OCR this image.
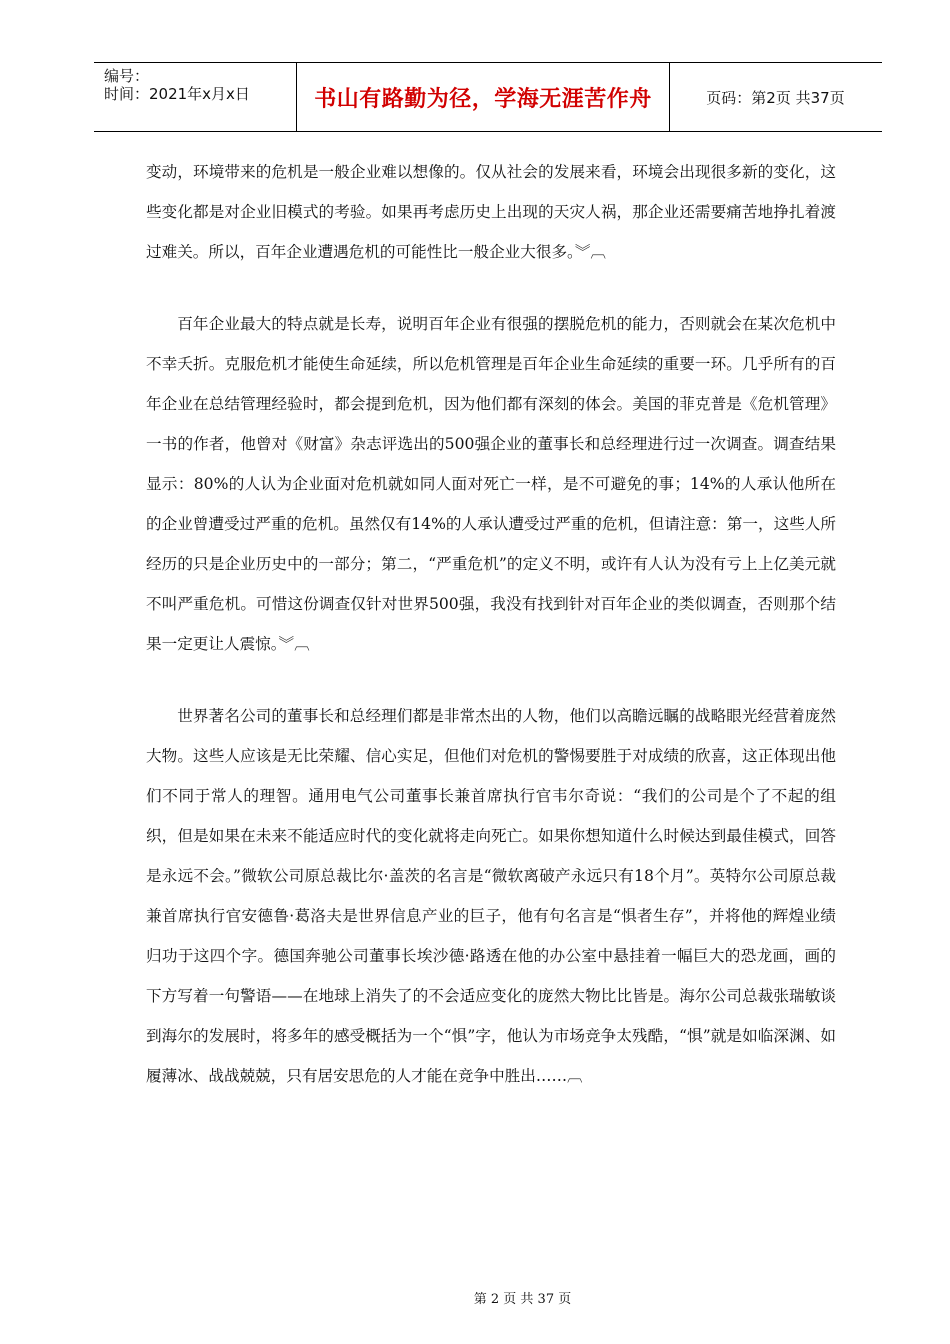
编号：
时间：2021年x月x日	书山有路勤为径，学海无涯苦作舟	页码：第2页 共37页

变动，环境带来的危机是一般企业难以想像的。仅从社会的发展来看，环境会出现很多新的变化，这些变化都是对企业旧模式的考验。如果再考虑历史上出现的天灾人祸，那企业还需要痛苦地挣扎着渡过难关。所以，百年企业遭遇危机的可能性比一般企业大很多。︾︹

百年企业最大的特点就是长寿，说明百年企业有很强的摆脱危机的能力，否则就会在某次危机中不幸夭折。克服危机才能使生命延续，所以危机管理是百年企业生命延续的重要一环。几乎所有的百年企业在总结管理经验时，都会提到危机，因为他们都有深刻的体会。美国的菲克普是《危机管理》一书的作者，他曾对《财富》杂志评选出的500强企业的董事长和总经理进行过一次调查。调查结果显示：80%的人认为企业面对危机就如同人面对死亡一样，是不可避免的事；14%的人承认他所在的企业曾遭受过严重的危机。虽然仅有14%的人承认遭受过严重的危机，但请注意：第一，这些人所经历的只是企业历史中的一部分；第二，“严重危机”的定义不明，或许有人认为没有亏上上亿美元就不叫严重危机。可惜这份调查仅针对世界500强，我没有找到针对百年企业的类似调查，否则那个结果一定更让人震惊。︾︹

世界著名公司的董事长和总经理们都是非常杰出的人物，他们以高瞻远瞩的战略眼光经营着庞然大物。这些人应该是无比荣耀、信心实足，但他们对危机的警惕要胜于对成绩的欣喜，这正体现出他们不同于常人的理智。通用电气公司董事长兼首席执行官韦尔奇说：“我们的公司是个了不起的组织，但是如果在未来不能适应时代的变化就将走向死亡。如果你想知道什么时候达到最佳模式，回答是永远不会。”微软公司原总裁比尔·盖茨的名言是“微软离破产永远只有18个月”。英特尔公司原总裁兼首席执行官安德鲁·葛洛夫是世界信息产业的巨子，他有句名言是“惧者生存”，并将他的辉煌业绩归功于这四个字。德国奔驰公司董事长埃沙德·路透在他的办公室中悬挂着一幅巨大的恐龙画，画的下方写着一句警语——在地球上消失了的不会适应变化的庞然大物比比皆是。海尔公司总裁张瑞敏谈到海尔的发展时，将多年的感受概括为一个“惧”字，他认为市场竞争太残酷，“惧”就是如临深渊、如履薄冰、战战兢兢，只有居安思危的人才能在竞争中胜出……︹

第 2 页 共 37 页
